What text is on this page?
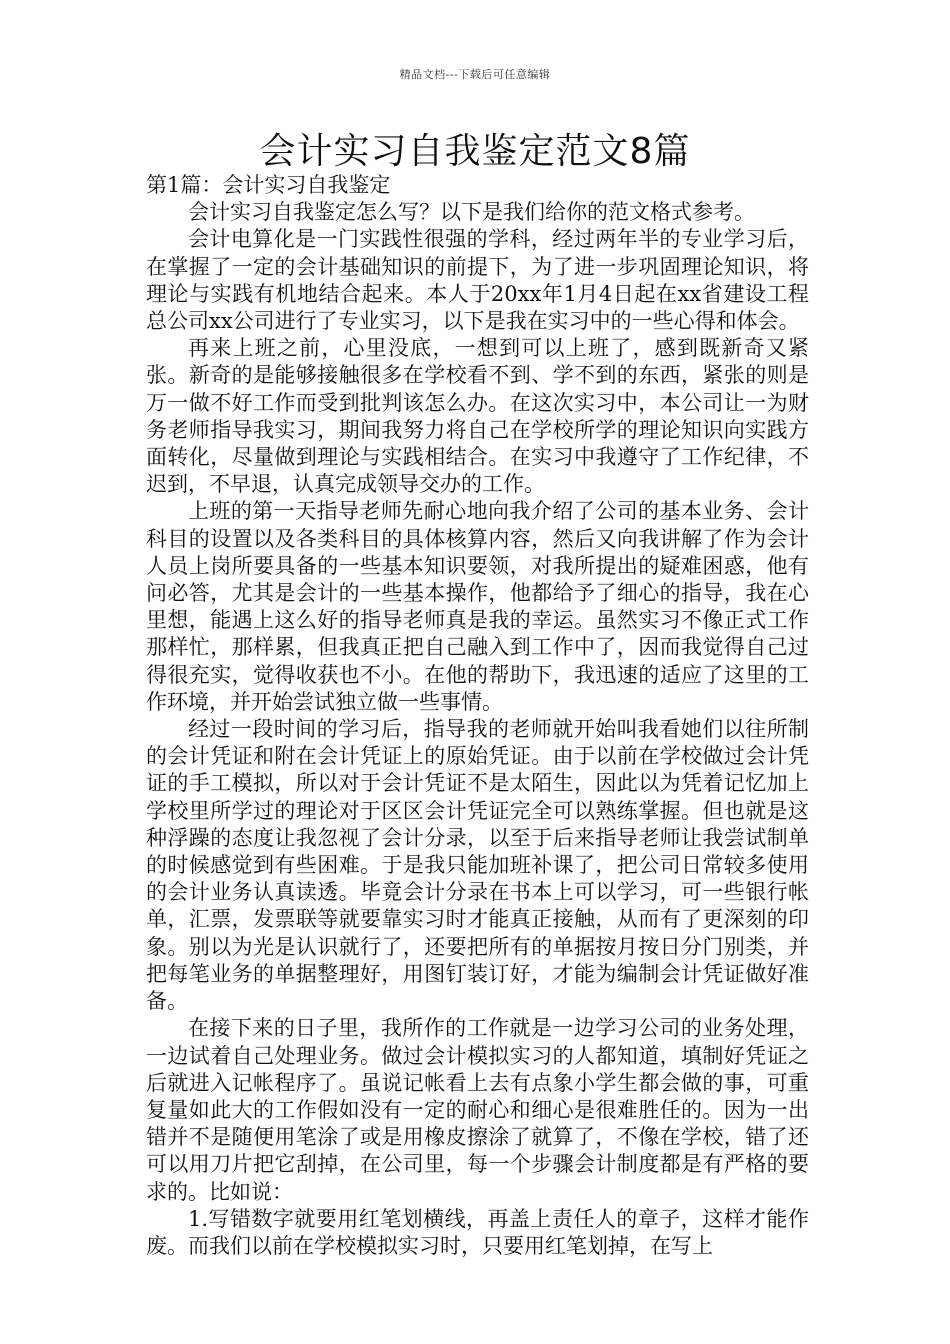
精品文档---下载后可任意编辑
会计实习自我鉴定范文8篇

第1篇：会计实习自我鉴定

会计实习自我鉴定怎么写？以下是我们给你的范文格式参考。

会计电算化是一门实践性很强的学科，经过两年半的专业学习后，在掌握了一定的会计基础知识的前提下，为了进一步巩固理论知识，将理论与实践有机地结合起来。本人于20xx年1月4日起在xx省建设工程总公司xx公司进行了专业实习，以下是我在实习中的一些心得和体会。

再来上班之前，心里没底，一想到可以上班了，感到既新奇又紧张。新奇的是能够接触很多在学校看不到、学不到的东西，紧张的则是万一做不好工作而受到批判该怎么办。在这次实习中，本公司让一为财务老师指导我实习，期间我努力将自己在学校所学的理论知识向实践方面转化，尽量做到理论与实践相结合。在实习中我遵守了工作纪律，不迟到，不早退，认真完成领导交办的工作。

上班的第一天指导老师先耐心地向我介绍了公司的基本业务、会计科目的设置以及各类科目的具体核算内容，然后又向我讲解了作为会计人员上岗所要具备的一些基本知识要领，对我所提出的疑难困惑，他有问必答，尤其是会计的一些基本操作，他都给予了细心的指导，我在心里想，能遇上这么好的指导老师真是我的幸运。虽然实习不像正式工作那样忙，那样累，但我真正把自己融入到工作中了，因而我觉得自己过得很充实，觉得收获也不小。在他的帮助下，我迅速的适应了这里的工作环境，并开始尝试独立做一些事情。

经过一段时间的学习后，指导我的老师就开始叫我看她们以往所制的会计凭证和附在会计凭证上的原始凭证。由于以前在学校做过会计凭证的手工模拟，所以对于会计凭证不是太陌生，因此以为凭着记忆加上学校里所学过的理论对于区区会计凭证完全可以熟练掌握。但也就是这种浮躁的态度让我忽视了会计分录，以至于后来指导老师让我尝试制单的时候感觉到有些困难。于是我只能加班补课了，把公司日常较多使用的会计业务认真读透。毕竟会计分录在书本上可以学习，可一些银行帐单，汇票，发票联等就要靠实习时才能真正接触，从而有了更深刻的印象。别以为光是认识就行了，还要把所有的单据按月按日分门别类，并把每笔业务的单据整理好，用图钉装订好，才能为编制会计凭证做好准备。

在接下来的日子里，我所作的工作就是一边学习公司的业务处理，一边试着自己处理业务。做过会计模拟实习的人都知道，填制好凭证之后就进入记帐程序了。虽说记帐看上去有点象小学生都会做的事，可重复量如此大的工作假如没有一定的耐心和细心是很难胜任的。因为一出错并不是随便用笔涂了或是用橡皮擦涂了就算了，不像在学校，错了还可以用刀片把它刮掉，在公司里，每一个步骤会计制度都是有严格的要求的。比如说：

1.写错数字就要用红笔划横线，再盖上责任人的章子，这样才能作废。而我们以前在学校模拟实习时，只要用红笔划掉，在写上
